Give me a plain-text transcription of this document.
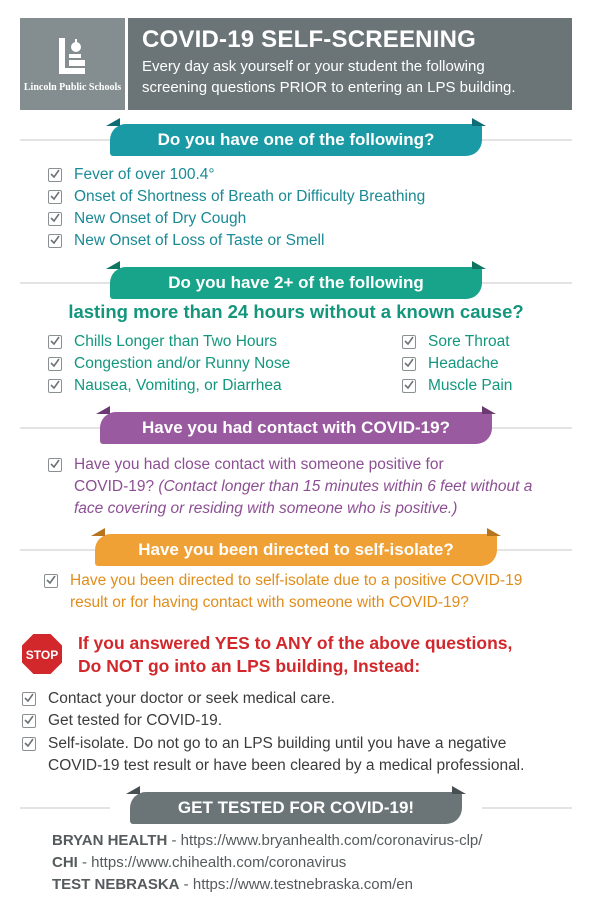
Lincoln Public Schools
COVID-19 SELF-SCREENING
Every day ask yourself or your student the following
screening questions PRIOR to entering an LPS building.
Do you have one of the following?
Fever of over 100.4°
Onset of Shortness of Breath or Difficulty Breathing
New Onset of Dry Cough
New Onset of Loss of Taste or Smell
Do you have 2+ of the following
lasting more than 24 hours without a known cause?
Chills Longer than Two Hours
Congestion and/or Runny Nose
Nausea, Vomiting, or Diarrhea
Sore Throat
Headache
Muscle Pain
Have you had contact with COVID-19?
Have you had close contact with someone positive for
COVID-19? (Contact longer than 15 minutes within 6 feet without a
face covering or residing with someone who is positive.)
Have you been directed to self-isolate?
Have you been directed to self-isolate due to a positive COVID-19
result or for having contact with someone with COVID-19?
STOP
If you answered YES to ANY of the above questions,
Do NOT go into an LPS building, Instead:
Contact your doctor or seek medical care.
Get tested for COVID-19.
Self-isolate. Do not go to an LPS building until you have a negative
COVID-19 test result or have been cleared by a medical professional.
GET TESTED FOR COVID-19!
BRYAN HEALTH - https://www.bryanhealth.com/coronavirus-clp/
CHI - https://www.chihealth.com/coronavirus
TEST NEBRASKA - https://www.testnebraska.com/en
